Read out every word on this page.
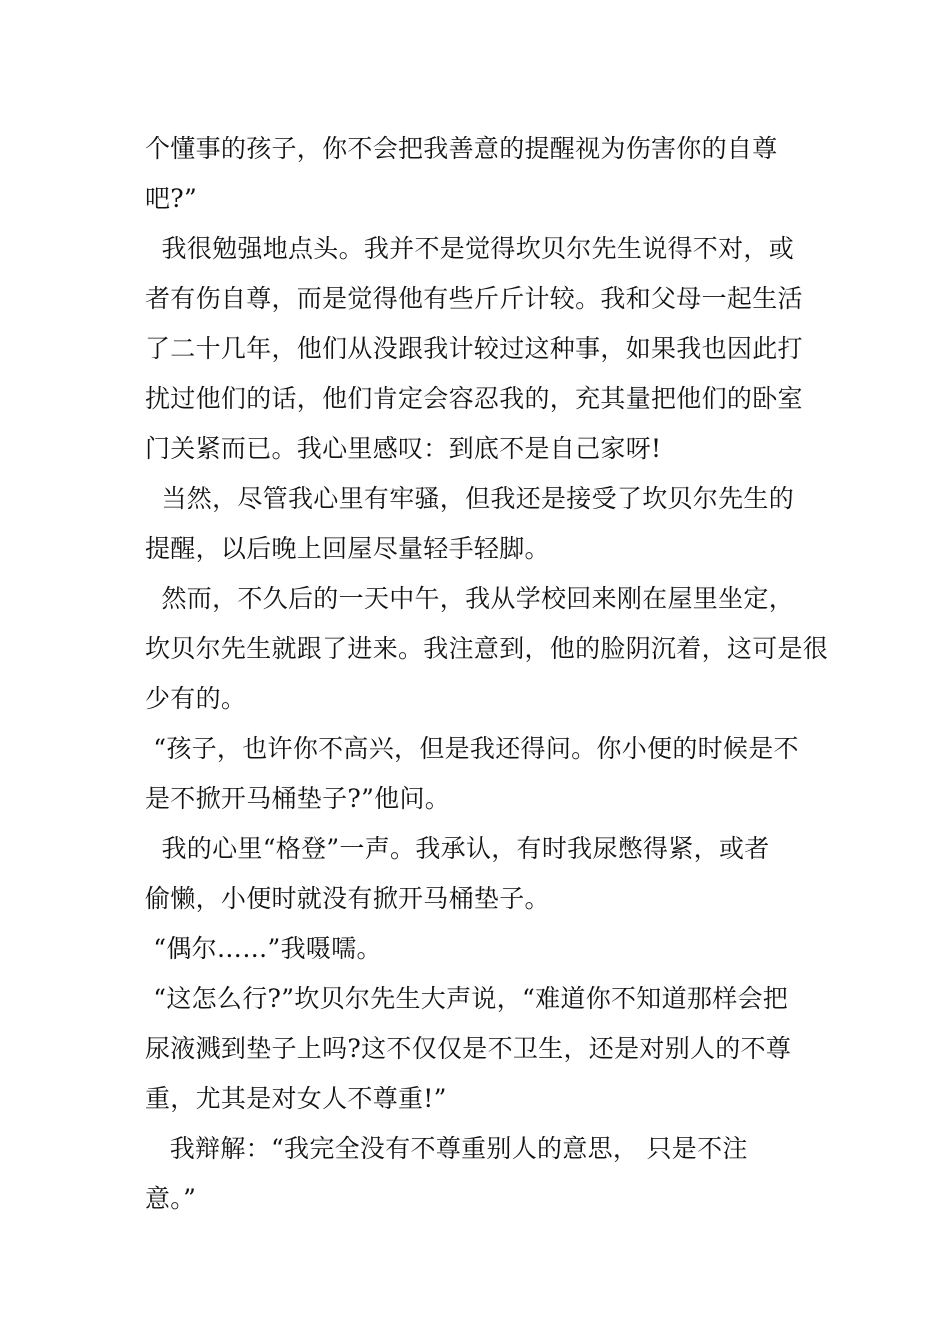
个懂事的孩子，你不会把我善意的提醒视为伤害你的自尊
吧?”
我很勉强地点头。我并不是觉得坎贝尔先生说得不对，或
者有伤自尊，而是觉得他有些斤斤计较。我和父母一起生活
了二十几年，他们从没跟我计较过这种事，如果我也因此打
扰过他们的话，他们肯定会容忍我的，充其量把他们的卧室
门关紧而已。我心里感叹：到底不是自己家呀!
当然，尽管我心里有牢骚，但我还是接受了坎贝尔先生的
提醒，以后晚上回屋尽量轻手轻脚。
然而，不久后的一天中午，我从学校回来刚在屋里坐定，
坎贝尔先生就跟了进来。我注意到，他的脸阴沉着，这可是很
少有的。
“孩子，也许你不高兴，但是我还得问。你小便的时候是不
是不掀开马桶垫子?”他问。
我的心里“格登”一声。我承认，有时我尿憋得紧，或者
偷懒，小便时就没有掀开马桶垫子。
“偶尔……”我嗫嚅。
“这怎么行?”坎贝尔先生大声说，“难道你不知道那样会把
尿液溅到垫子上吗?这不仅仅是不卫生，还是对别人的不尊
重，尤其是对女人不尊重!”
我辩解：“我完全没有不尊重别人的意思， 只是不注
意。”
